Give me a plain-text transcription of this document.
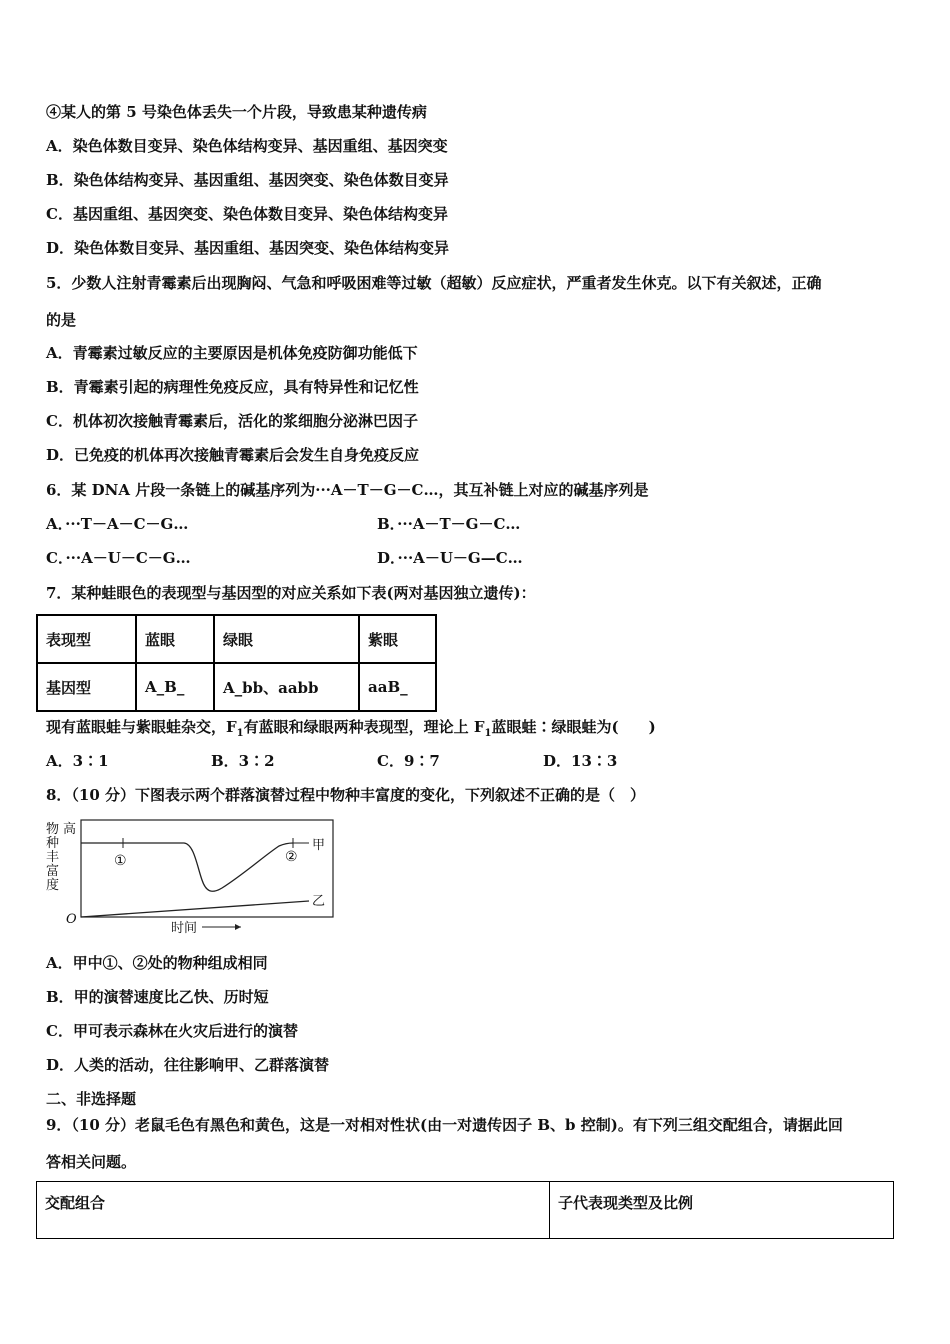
④某人的第 5 号染色体丢失一个片段，导致患某种遗传病
A．染色体数目变异、染色体结构变异、基因重组、基因突变
B．染色体结构变异、基因重组、基因突变、染色体数目变异
C．基因重组、基因突变、染色体数目变异、染色体结构变异
D．染色体数目变异、基因重组、基因突变、染色体结构变异
5．少数人注射青霉素后出现胸闷、气急和呼吸困难等过敏（超敏）反应症状，严重者发生休克。以下有关叙述，正确
的是
A．青霉素过敏反应的主要原因是机体免疫防御功能低下
B．青霉素引起的病理性免疫反应，具有特异性和记忆性
C．机体初次接触青霉素后，活化的浆细胞分泌淋巴因子
D．已免疫的机体再次接触青霉素后会发生自身免疫反应
6．某 DNA 片段一条链上的碱基序列为···A－T－G－C…，其互补链上对应的碱基序列是
A．···T－A－C－G…	B．···A－T－G－C…
C．···A－U－C－G…	D．···A－U－G—C…
7．某种蛙眼色的表现型与基因型的对应关系如下表(两对基因独立遗传)：
表现型	蓝眼	绿眼	紫眼
基因型	A_B_	A_bb、aabb	aaB_
现有蓝眼蛙与紫眼蛙杂交，$F_1$有蓝眼和绿眼两种表现型，理论上 $F_1$蓝眼蛙∶绿眼蛙为(　　)
A．3∶1	B．3∶2	C．9∶7	D．13∶3
8．（10 分）下图表示两个群落演替过程中物种丰富度的变化，下列叙述不正确的是（　）
物
种
丰
富
度
高
O
时间
甲
乙
①	②
A．甲中①、②处的物种组成相同
B．甲的演替速度比乙快、历时短
C．甲可表示森林在火灾后进行的演替
D．人类的活动，往往影响甲、乙群落演替
二、非选择题
9．（10 分）老鼠毛色有黑色和黄色，这是一对相对性状(由一对遗传因子 B、b 控制)。有下列三组交配组合，请据此回
答相关问题。
交配组合	子代表现类型及比例
